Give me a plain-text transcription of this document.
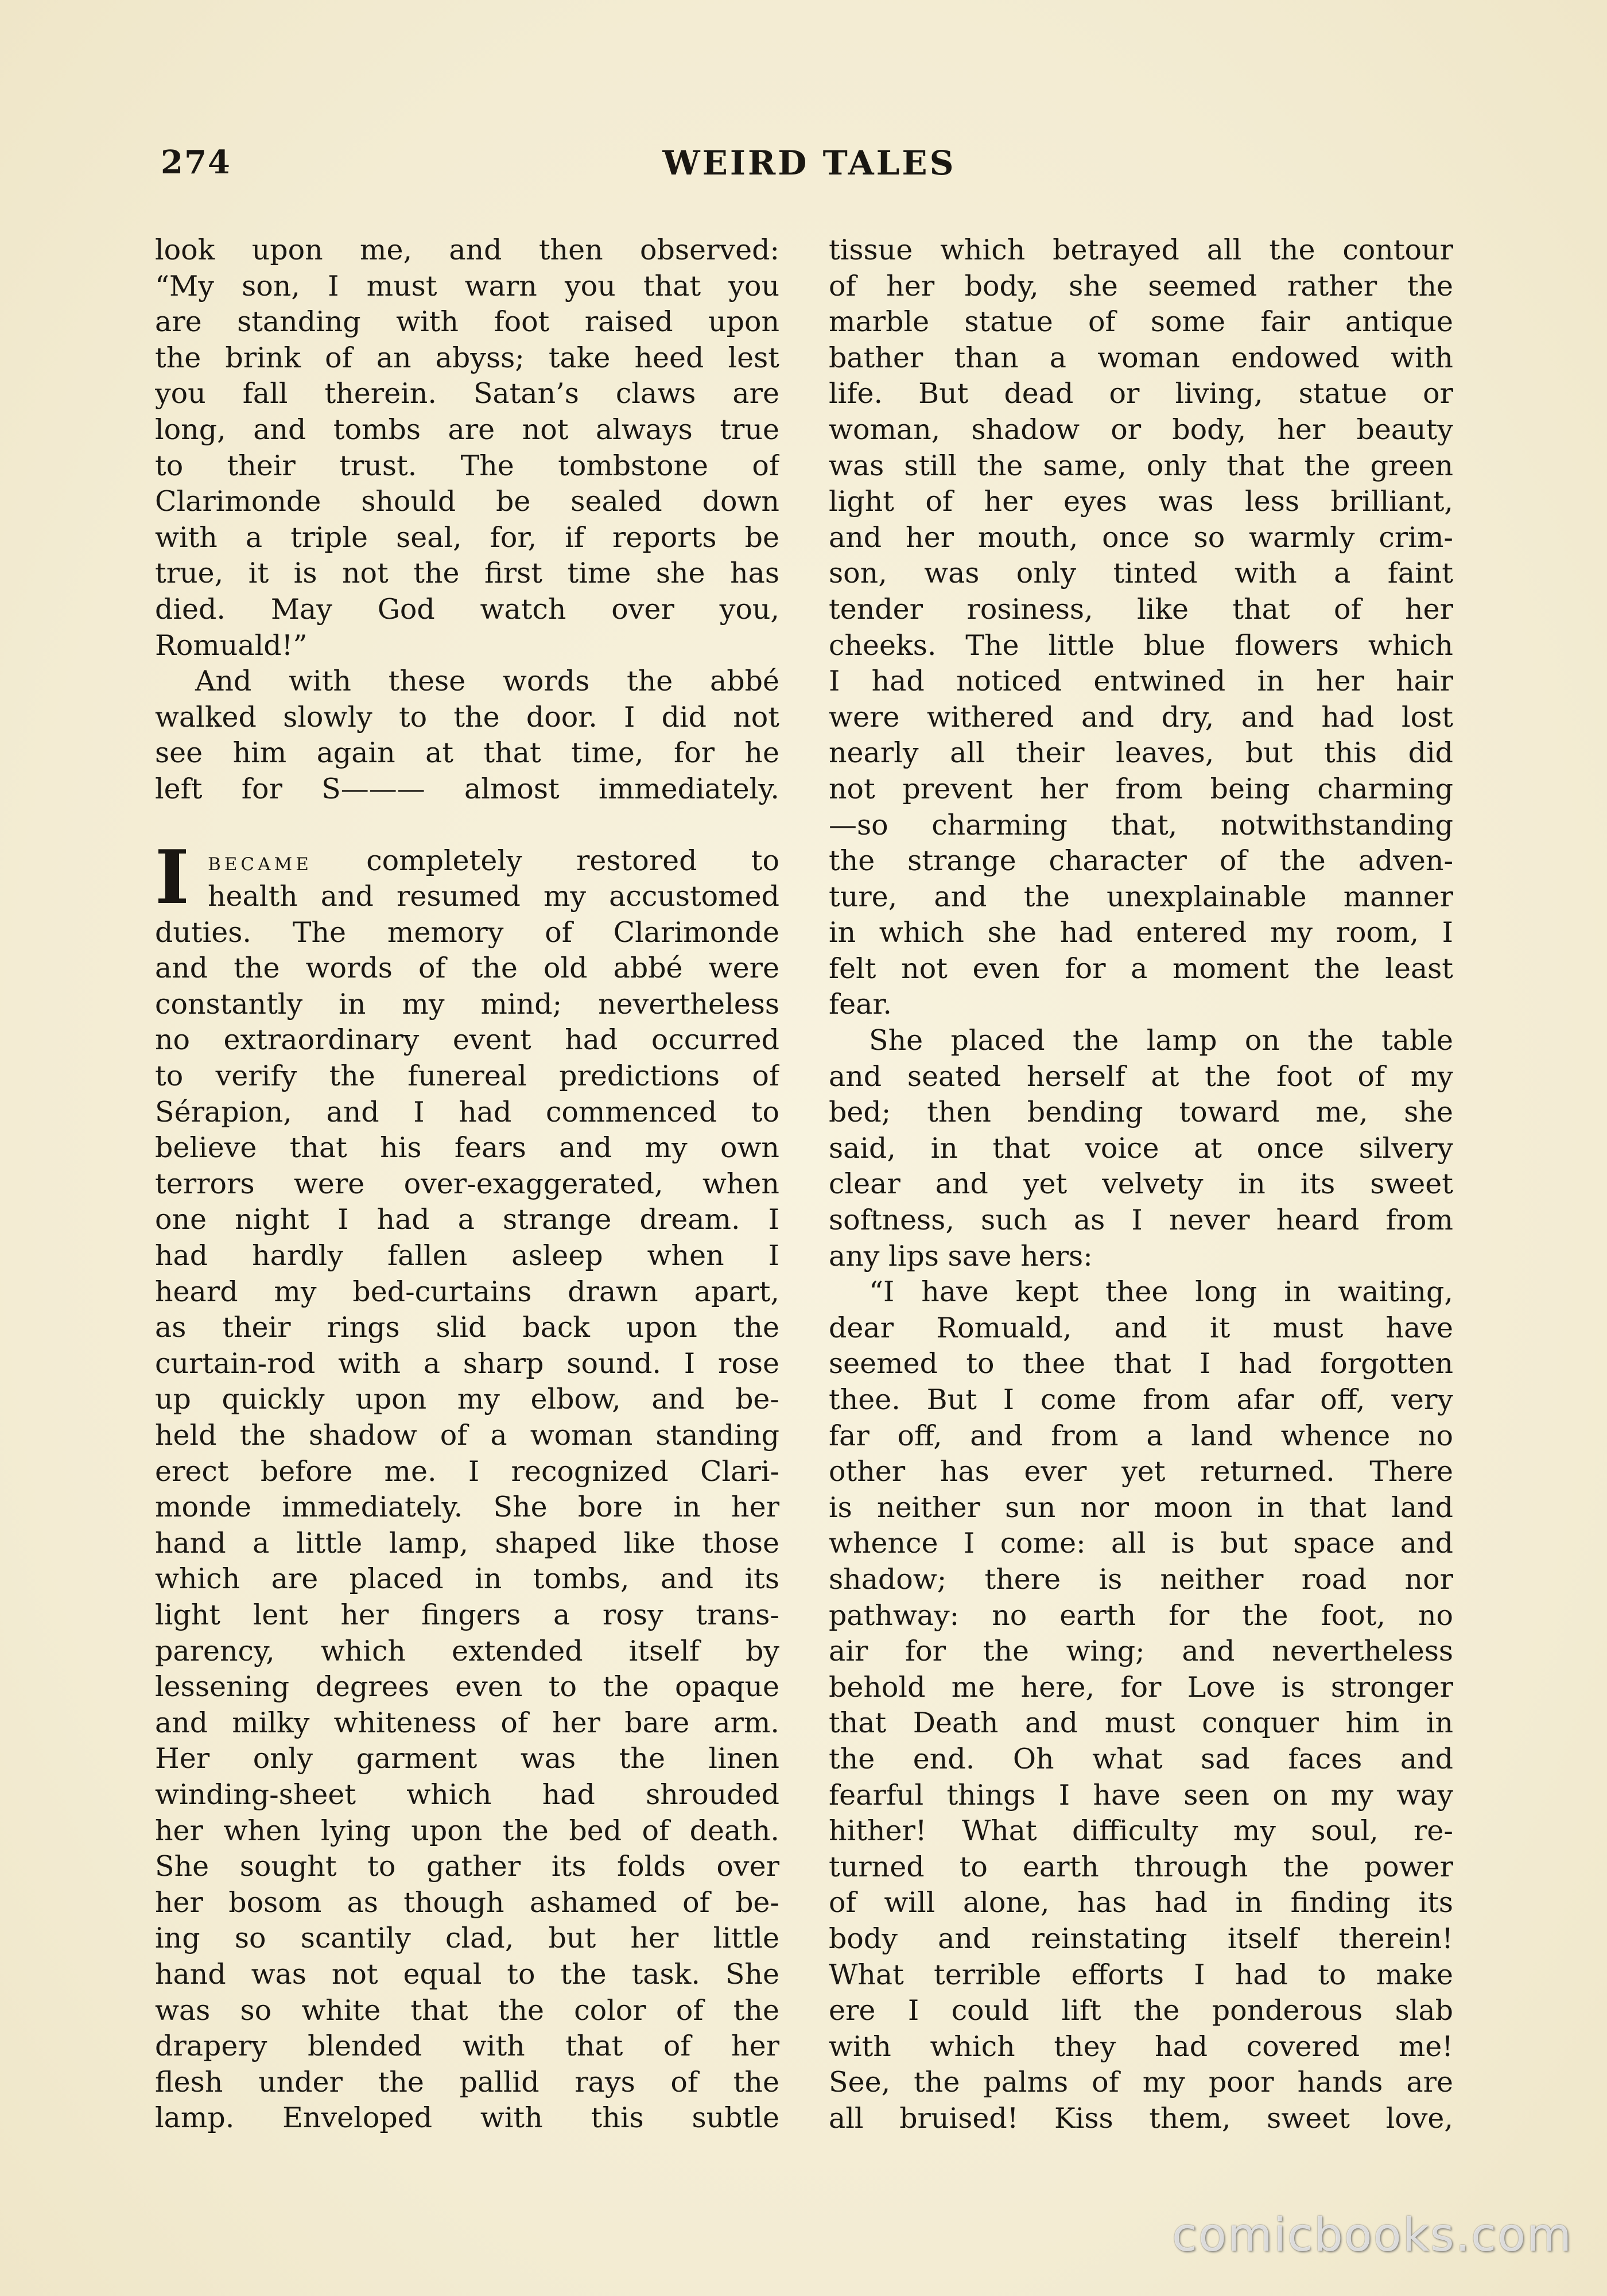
274	WEIRD TALES
look upon me, and then observed:
“My son, I must warn you that you
are standing with foot raised upon
the brink of an abyss; take heed lest
you fall therein. Satan’s claws are
long, and tombs are not always true
to their trust. The tombstone of
Clarimonde should be sealed down
with a triple seal, for, if reports be
true, it is not the first time she has
died. May God watch over you,
Romuald!”
And with these words the abbé
walked slowly to the door. I did not
see him again at that time, for he
left for S——— almost immediately.
I became completely restored to
health and resumed my accustomed
duties. The memory of Clarimonde
and the words of the old abbé were
constantly in my mind; nevertheless
no extraordinary event had occurred
to verify the funereal predictions of
Sérapion, and I had commenced to
believe that his fears and my own
terrors were over-exaggerated, when
one night I had a strange dream. I
had hardly fallen asleep when I
heard my bed-curtains drawn apart,
as their rings slid back upon the
curtain-rod with a sharp sound. I rose
up quickly upon my elbow, and be-
held the shadow of a woman standing
erect before me. I recognized Clari-
monde immediately. She bore in her
hand a little lamp, shaped like those
which are placed in tombs, and its
light lent her fingers a rosy trans-
parency, which extended itself by
lessening degrees even to the opaque
and milky whiteness of her bare arm.
Her only garment was the linen
winding-sheet which had shrouded
her when lying upon the bed of death.
She sought to gather its folds over
her bosom as though ashamed of be-
ing so scantily clad, but her little
hand was not equal to the task. She
was so white that the color of the
drapery blended with that of her
flesh under the pallid rays of the
lamp. Enveloped with this subtle
tissue which betrayed all the contour
of her body, she seemed rather the
marble statue of some fair antique
bather than a woman endowed with
life. But dead or living, statue or
woman, shadow or body, her beauty
was still the same, only that the green
light of her eyes was less brilliant,
and her mouth, once so warmly crim-
son, was only tinted with a faint
tender rosiness, like that of her
cheeks. The little blue flowers which
I had noticed entwined in her hair
were withered and dry, and had lost
nearly all their leaves, but this did
not prevent her from being charming
—so charming that, notwithstanding
the strange character of the adven-
ture, and the unexplainable manner
in which she had entered my room, I
felt not even for a moment the least
fear.
She placed the lamp on the table
and seated herself at the foot of my
bed; then bending toward me, she
said, in that voice at once silvery
clear and yet velvety in its sweet
softness, such as I never heard from
any lips save hers:
“I have kept thee long in waiting,
dear Romuald, and it must have
seemed to thee that I had forgotten
thee. But I come from afar off, very
far off, and from a land whence no
other has ever yet returned. There
is neither sun nor moon in that land
whence I come: all is but space and
shadow; there is neither road nor
pathway: no earth for the foot, no
air for the wing; and nevertheless
behold me here, for Love is stronger
that Death and must conquer him in
the end. Oh what sad faces and
fearful things I have seen on my way
hither! What difficulty my soul, re-
turned to earth through the power
of will alone, has had in finding its
body and reinstating itself therein!
What terrible efforts I had to make
ere I could lift the ponderous slab
with which they had covered me!
See, the palms of my poor hands are
all bruised! Kiss them, sweet love,
comicbooks.com
